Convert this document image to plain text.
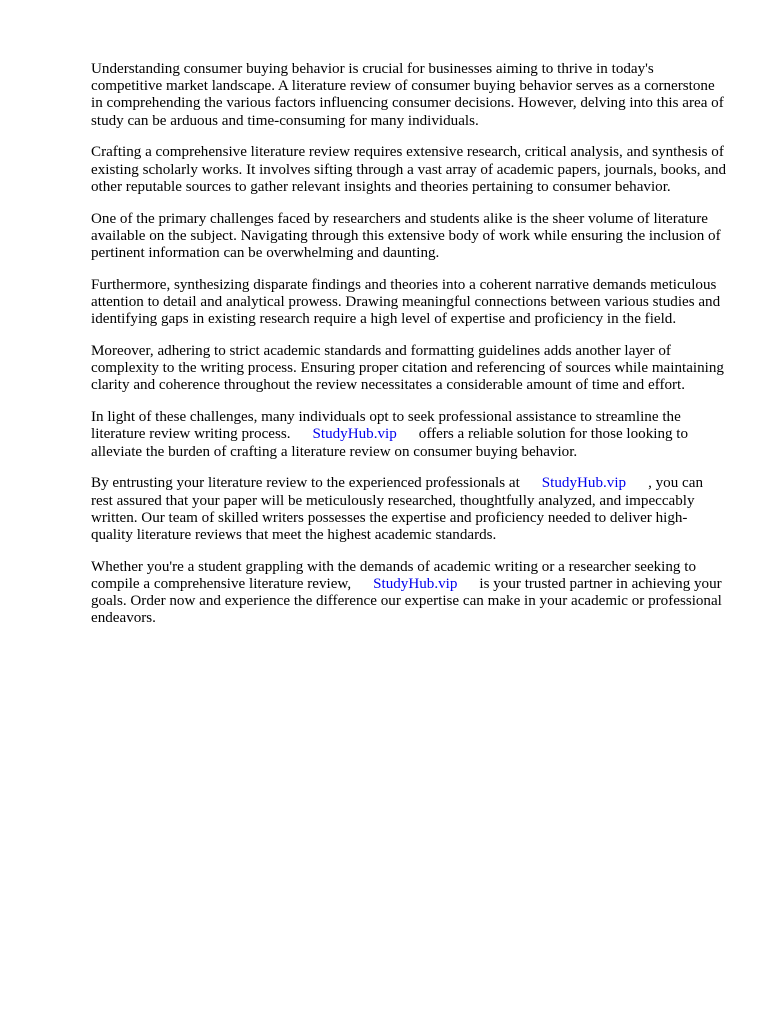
Understanding consumer buying behavior is crucial for businesses aiming to thrive in today's competitive market landscape. A literature review of consumer buying behavior serves as a cornerstone in comprehending the various factors influencing consumer decisions. However, delving into this area of study can be arduous and time-consuming for many individuals.

Crafting a comprehensive literature review requires extensive research, critical analysis, and synthesis of existing scholarly works. It involves sifting through a vast array of academic papers, journals, books, and other reputable sources to gather relevant insights and theories pertaining to consumer behavior.

One of the primary challenges faced by researchers and students alike is the sheer volume of literature available on the subject. Navigating through this extensive body of work while ensuring the inclusion of pertinent information can be overwhelming and daunting.

Furthermore, synthesizing disparate findings and theories into a coherent narrative demands meticulous attention to detail and analytical prowess. Drawing meaningful connections between various studies and identifying gaps in existing research require a high level of expertise and proficiency in the field.

Moreover, adhering to strict academic standards and formatting guidelines adds another layer of complexity to the writing process. Ensuring proper citation and referencing of sources while maintaining clarity and coherence throughout the review necessitates a considerable amount of time and effort.

In light of these challenges, many individuals opt to seek professional assistance to streamline the literature review writing process. StudyHub.vip offers a reliable solution for those looking to alleviate the burden of crafting a literature review on consumer buying behavior.

By entrusting your literature review to the experienced professionals at StudyHub.vip , you can rest assured that your paper will be meticulously researched, thoughtfully analyzed, and impeccably written. Our team of skilled writers possesses the expertise and proficiency needed to deliver high-quality literature reviews that meet the highest academic standards.

Whether you're a student grappling with the demands of academic writing or a researcher seeking to compile a comprehensive literature review, StudyHub.vip is your trusted partner in achieving your goals. Order now and experience the difference our expertise can make in your academic or professional endeavors.
